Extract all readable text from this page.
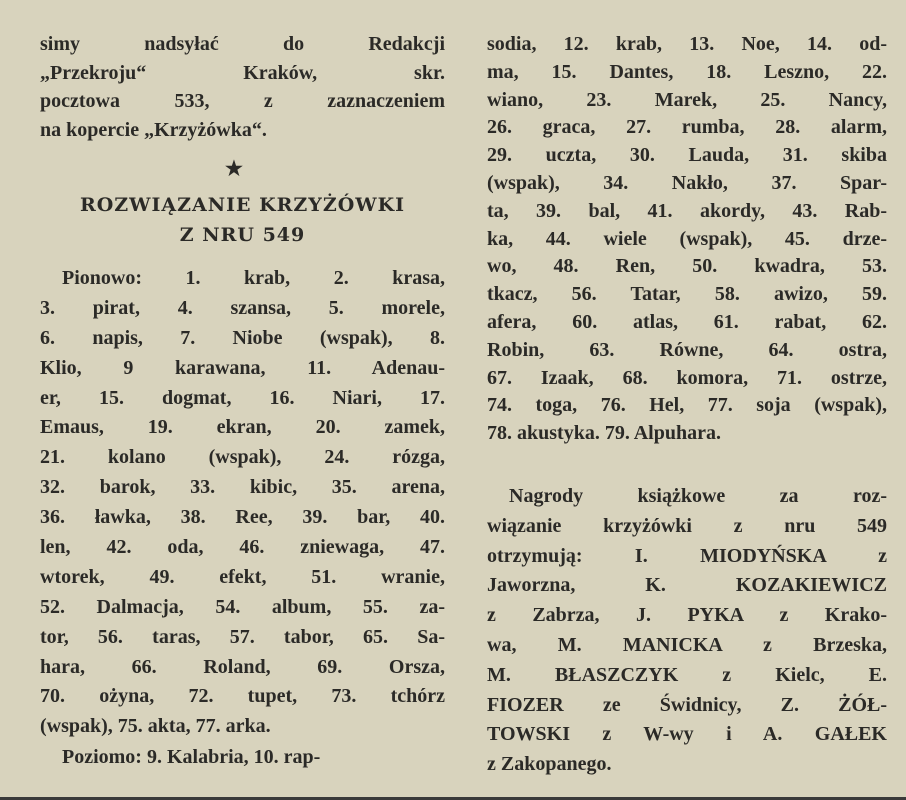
simy nadsyłać do Redakcji
„Przekroju“ Kraków, skr.
pocztowa 533, z zaznaczeniem
na kopercie „Krzyżówka“.
★
ROZWIĄZANIE KRZYŻÓWKI
Z NRU 549
Pionowo: 1. krab, 2. krasa,
3. pirat, 4. szansa, 5. morele,
6. napis, 7. Niobe (wspak), 8.
Klio, 9 karawana, 11. Adenau-
er, 15. dogmat, 16. Niari, 17.
Emaus, 19. ekran, 20. zamek,
21. kolano (wspak), 24. rózga,
32. barok, 33. kibic, 35. arena,
36. ławka, 38. Ree, 39. bar, 40.
len, 42. oda, 46. zniewaga, 47.
wtorek, 49. efekt, 51. wranie,
52. Dalmacja, 54. album, 55. za-
tor, 56. taras, 57. tabor, 65. Sa-
hara, 66. Roland, 69. Orsza,
70. ożyna, 72. tupet, 73. tchórz
(wspak), 75. akta, 77. arka.
Poziomo: 9. Kalabria, 10. rap-
sodia, 12. krab, 13. Noe, 14. od-
ma, 15. Dantes, 18. Leszno, 22.
wiano, 23. Marek, 25. Nancy,
26. graca, 27. rumba, 28. alarm,
29. uczta, 30. Lauda, 31. skiba
(wspak), 34. Nakło, 37. Spar-
ta, 39. bal, 41. akordy, 43. Rab-
ka, 44. wiele (wspak), 45. drze-
wo, 48. Ren, 50. kwadra, 53.
tkacz, 56. Tatar, 58. awizo, 59.
afera, 60. atlas, 61. rabat, 62.
Robin, 63. Równe, 64. ostra,
67. Izaak, 68. komora, 71. ostrze,
74. toga, 76. Hel, 77. soja (wspak),
78. akustyka. 79. Alpuhara.
Nagrody książkowe za roz-
wiązanie krzyżówki z nru 549
otrzymują: I. MIODYŃSKA z
Jaworzna, K. KOZAKIEWICZ
z Zabrza, J. PYKA z Krako-
wa, M. MANICKA z Brzeska,
M. BŁASZCZYK z Kielc, E.
FIOZER ze Świdnicy, Z. ŻÓŁ-
TOWSKI z W-wy i A. GAŁEK
z Zakopanego.
